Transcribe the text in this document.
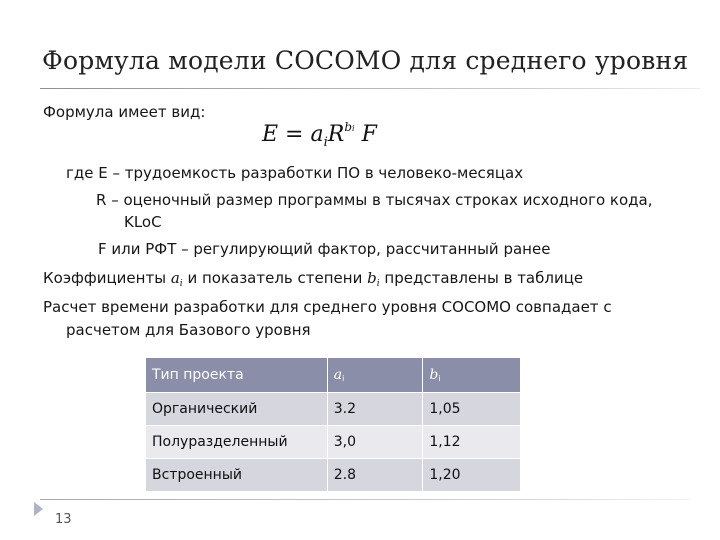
Формула модели COCOMO для среднего уровня
Формула имеет вид:
$E = a_iR^{bi}$ F
где E – трудоемкость разработки ПО в человеко-месяцах
R – оценочный размер программы в тысячах строках исходного кода,
KLoC
F или РФТ – регулирующий фактор, рассчитанный ранее
Коэффициенты $a_i$ и показатель степени $b_i$ представлены в таблице
Расчет времени разработки для среднего уровня COCOMO совпадает с
расчетом для Базового уровня
Тип проекта	ai	bi
Органический	3.2	1,05
Полуразделенный	3,0	1,12
Встроенный	2.8	1,20
13
